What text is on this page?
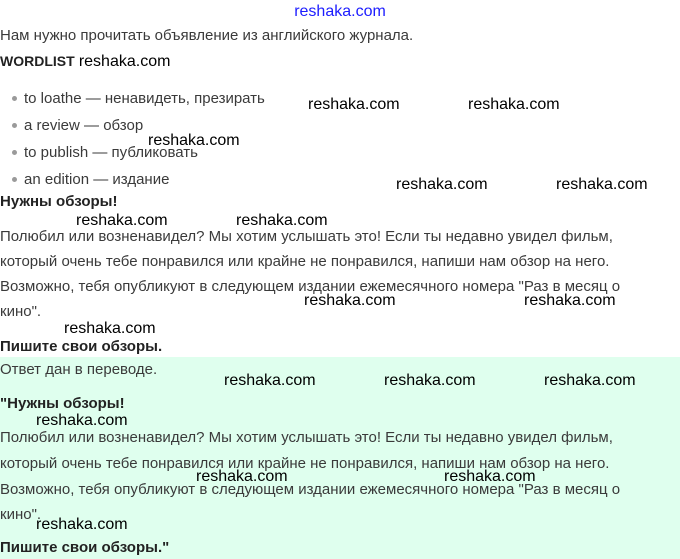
reshaka.com
Нам нужно прочитать объявление из английского журнала.
WORDLIST reshaka.com
to loathe — ненавидеть, презирать
a review — обзор
to publish — публиковать
an edition — издание
Нужны обзоры!
Полюбил или возненавидел? Мы хотим услышать это! Если ты недавно увидел фильм,
который очень тебе понравился или крайне не понравился, напиши нам обзор на него.
Возможно, тебя опубликуют в следующем издании ежемесячного номера "Раз в месяц о
кино".
Пишите свои обзоры.
Ответ дан в переводе.
"Нужны обзоры!
Полюбил или возненавидел? Мы хотим услышать это! Если ты недавно увидел фильм,
который очень тебе понравился или крайне не понравился, напиши нам обзор на него.
Возможно, тебя опубликуют в следующем издании ежемесячного номера "Раз в месяц о
кино".
Пишите свои обзоры."
reshaka.com	reshaka.com
reshaka.com
reshaka.com	reshaka.com
reshaka.com	reshaka.com
reshaka.com	reshaka.com
reshaka.com
reshaka.com	reshaka.com	reshaka.com
reshaka.com
reshaka.com	reshaka.com
reshaka.com
